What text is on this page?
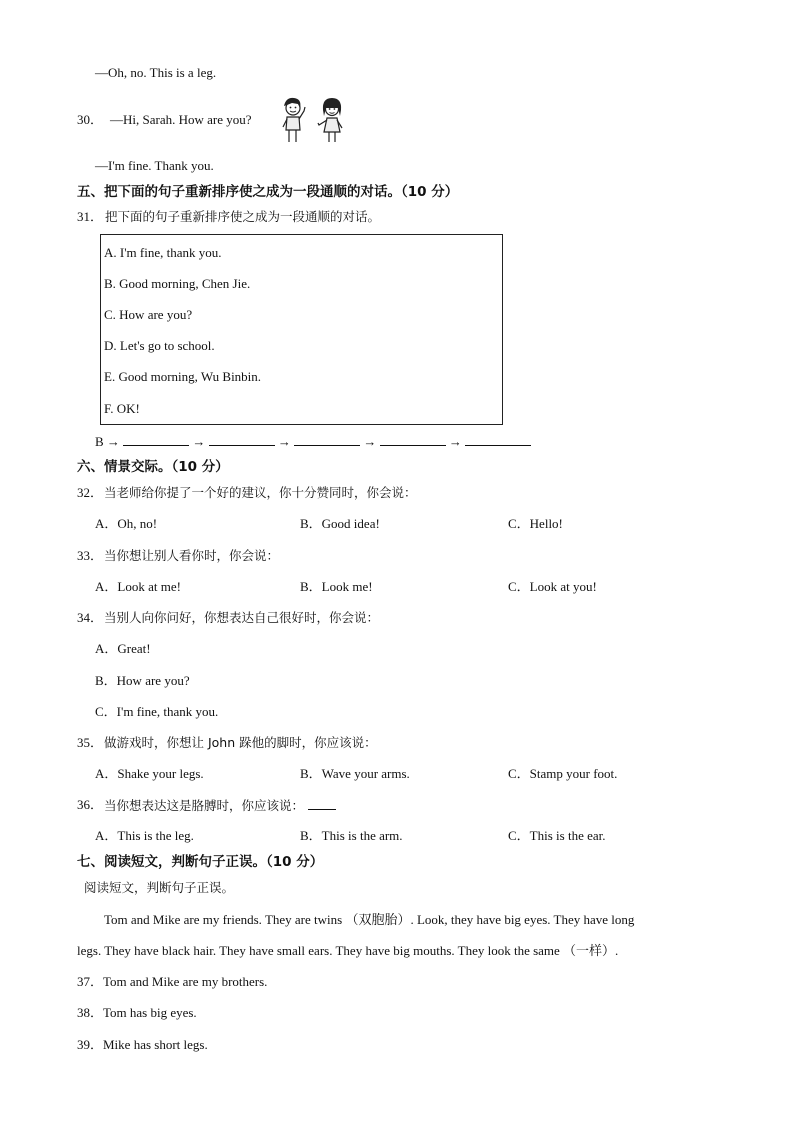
—Oh, no. This is a leg.
30． —Hi, Sarah. How are you?
—I'm fine. Thank you.
五、把下面的句子重新排序使之成为一段通顺的对话。（10 分）
31． 把下面的句子重新排序使之成为一段通顺的对话。
A. I'm fine, thank you.
B. Good morning, Chen Jie.
C. How are you?
D. Let's go to school.
E. Good morning, Wu Binbin.
F. OK!
B →	→	→	→	→
六、情景交际。（10 分）
32． 当老师给你提了一个好的建议，你十分赞同时，你会说：
A．Oh, no!	B．Good idea!	C．Hello!
33． 当你想让别人看你时，你会说：
A．Look at me!	B．Look me!	C．Look at you!
34． 当别人向你问好，你想表达自己很好时，你会说：
A．Great!
B．How are you?
C．I'm fine, thank you.
35． 做游戏时，你想让 John 跺他的脚时，你应该说：
A．Shake your legs.	B．Wave your arms.	C．Stamp your foot.
36． 当你想表达这是胳膊时，你应该说：
A．This is the leg.	B．This is the arm.	C．This is the ear.
七、阅读短文，判断句子正误。（10 分）
阅读短文，判断句子正误。
Tom and Mike are my friends. They are twins （双胞胎）. Look, they have big eyes. They have long
legs. They have black hair. They have small ears. They have big mouths. They look the same （一样）.
37．Tom and Mike are my brothers.
38．Tom has big eyes.
39．Mike has short legs.
